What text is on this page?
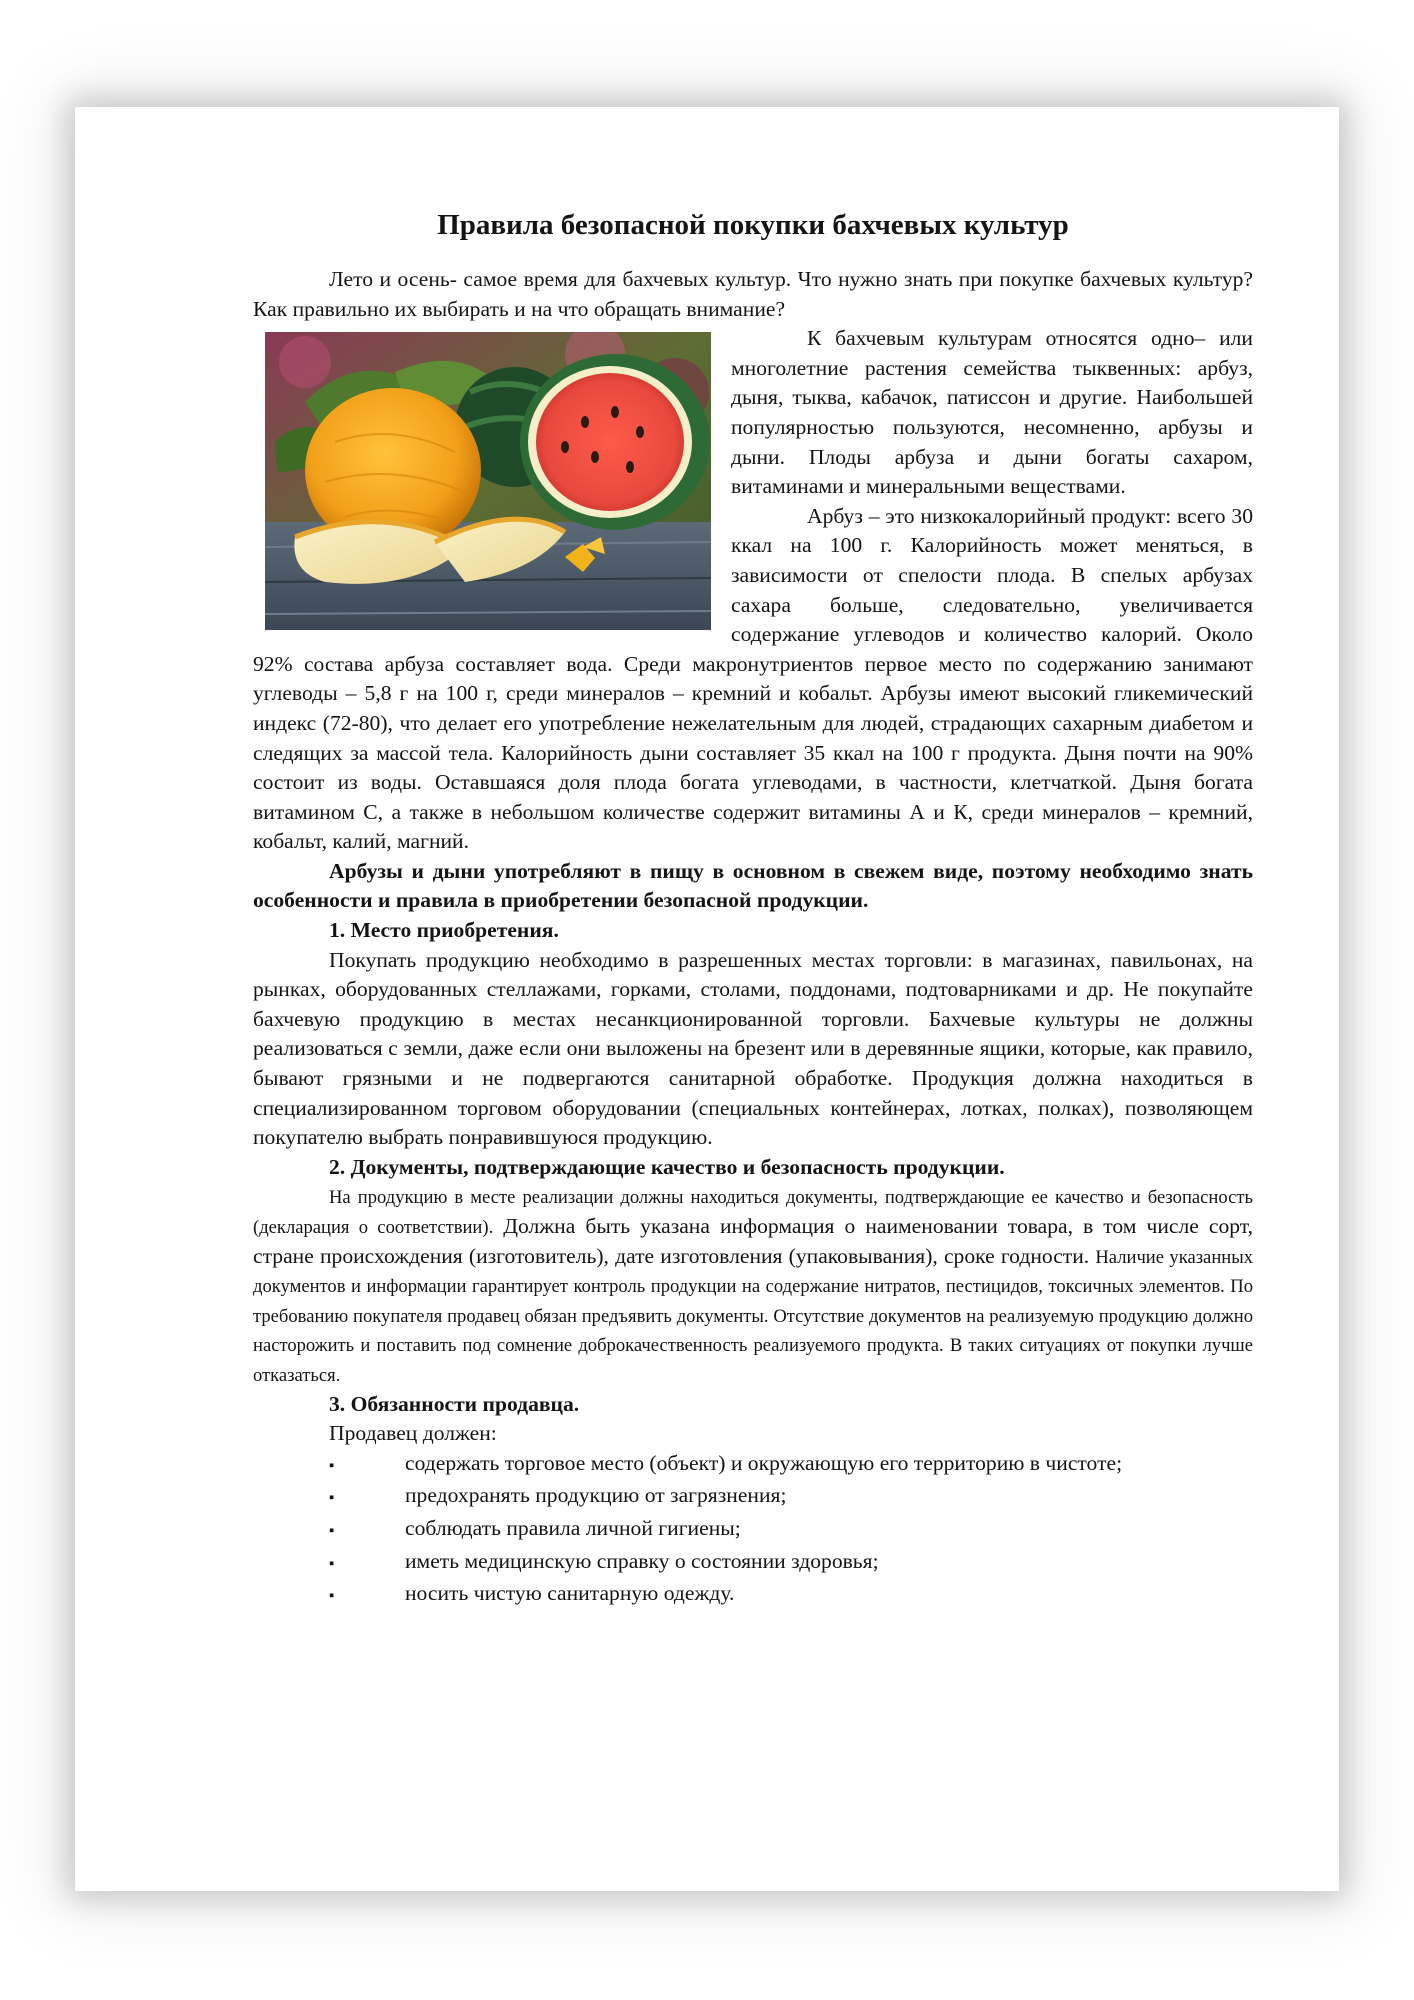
Правила безопасной покупки бахчевых культур

Лето и осень- самое время для бахчевых культур. Что нужно знать при покупке бахчевых культур? Как правильно их выбирать и на что обращать внимание?

К бахчевым культурам относятся одно– или многолетние растения семейства тыквенных: арбуз, дыня, тыква, кабачок, патиссон и другие. Наибольшей популярностью пользуются, несомненно, арбузы и дыни. Плоды арбуза и дыни богаты сахаром, витаминами и минеральными веществами.

Арбуз – это низкокалорийный продукт: всего 30 ккал на 100 г. Калорийность может меняться, в зависимости от спелости плода. В спелых арбузах сахара больше, следовательно, увеличивается содержание углеводов и количество калорий. Около 92% состава арбуза составляет вода. Среди макронутриентов первое место по содержанию занимают углеводы – 5,8 г на 100 г, среди минералов – кремний и кобальт. Арбузы имеют высокий гликемический индекс (72-80), что делает его употребление нежелательным для людей, страдающих сахарным диабетом и следящих за массой тела. Калорийность дыни составляет 35 ккал на 100 г продукта. Дыня почти на 90% состоит из воды. Оставшаяся доля плода богата углеводами, в частности, клетчаткой. Дыня богата витамином С, а также в небольшом количестве содержит витамины А и К, среди минералов – кремний, кобальт, калий, магний.

Арбузы и дыни употребляют в пищу в основном в свежем виде, поэтому необходимо знать особенности и правила в приобретении безопасной продукции.

1. Место приобретения.

Покупать продукцию необходимо в разрешенных местах торговли: в магазинах, павильонах, на рынках, оборудованных стеллажами, горками, столами, поддонами, подтоварниками и др. Не покупайте бахчевую продукцию в местах несанкционированной торговли. Бахчевые культуры не должны реализоваться с земли, даже если они выложены на брезент или в деревянные ящики, которые, как правило, бывают грязными и не подвергаются санитарной обработке. Продукция должна находиться в специализированном торговом оборудовании (специальных контейнерах, лотках, полках), позволяющем покупателю выбрать понравившуюся продукцию.

2. Документы, подтверждающие качество и безопасность продукции.

На продукцию в месте реализации должны находиться документы, подтверждающие ее качество и безопасность (декларация о соответствии). Должна быть указана информация о наименовании товара, в том числе сорт, стране происхождения (изготовитель), дате изготовления (упаковывания), сроке годности. Наличие указанных документов и информации гарантирует контроль продукции на содержание нитратов, пестицидов, токсичных элементов. По требованию покупателя продавец обязан предъявить документы. Отсутствие документов на реализуемую продукцию должно насторожить и поставить под сомнение доброкачественность реализуемого продукта. В таких ситуациях от покупки лучше отказаться.

3. Обязанности продавца.

Продавец должен:

▪	содержать торговое место (объект) и окружающую его территорию в чистоте;
▪	предохранять продукцию от загрязнения;
▪	соблюдать правила личной гигиены;
▪	иметь медицинскую справку о состоянии здоровья;
▪	носить чистую санитарную одежду.
